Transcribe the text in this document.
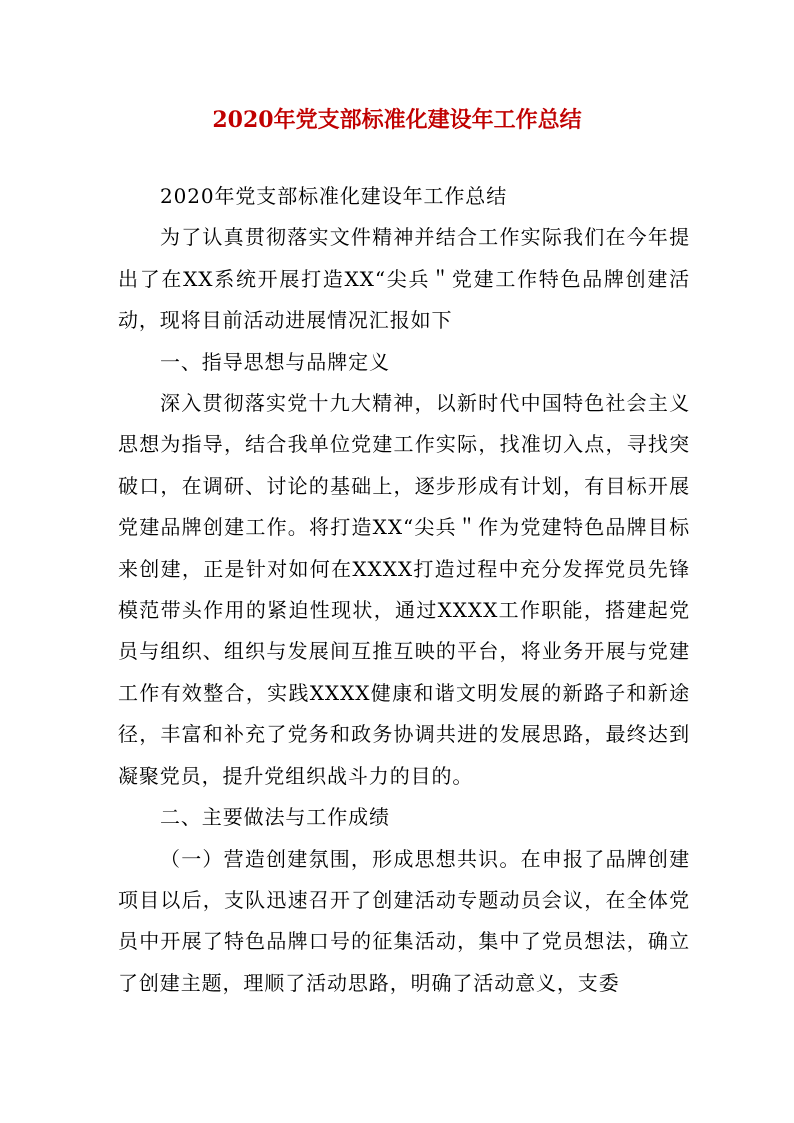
2020年党支部标准化建设年工作总结

2020年党支部标准化建设年工作总结

为了认真贯彻落实文件精神并结合工作实际我们在今年提出了在XX系统开展打造XX“尖兵＂党建工作特色品牌创建活动，现将目前活动进展情况汇报如下

一、指导思想与品牌定义

深入贯彻落实党十九大精神，以新时代中国特色社会主义思想为指导，结合我单位党建工作实际，找准切入点，寻找突破口，在调研、讨论的基础上，逐步形成有计划，有目标开展党建品牌创建工作。将打造XX“尖兵＂作为党建特色品牌目标来创建，正是针对如何在XXXX打造过程中充分发挥党员先锋模范带头作用的紧迫性现状，通过XXXX工作职能，搭建起党员与组织、组织与发展间互推互映的平台，将业务开展与党建工作有效整合，实践XXXX健康和谐文明发展的新路子和新途径，丰富和补充了党务和政务协调共进的发展思路，最终达到凝聚党员，提升党组织战斗力的目的。

二、主要做法与工作成绩

（一）营造创建氛围，形成思想共识。在申报了品牌创建项目以后，支队迅速召开了创建活动专题动员会议，在全体党员中开展了特色品牌口号的征集活动，集中了党员想法，确立了创建主题，理顺了活动思路，明确了活动意义，支委
